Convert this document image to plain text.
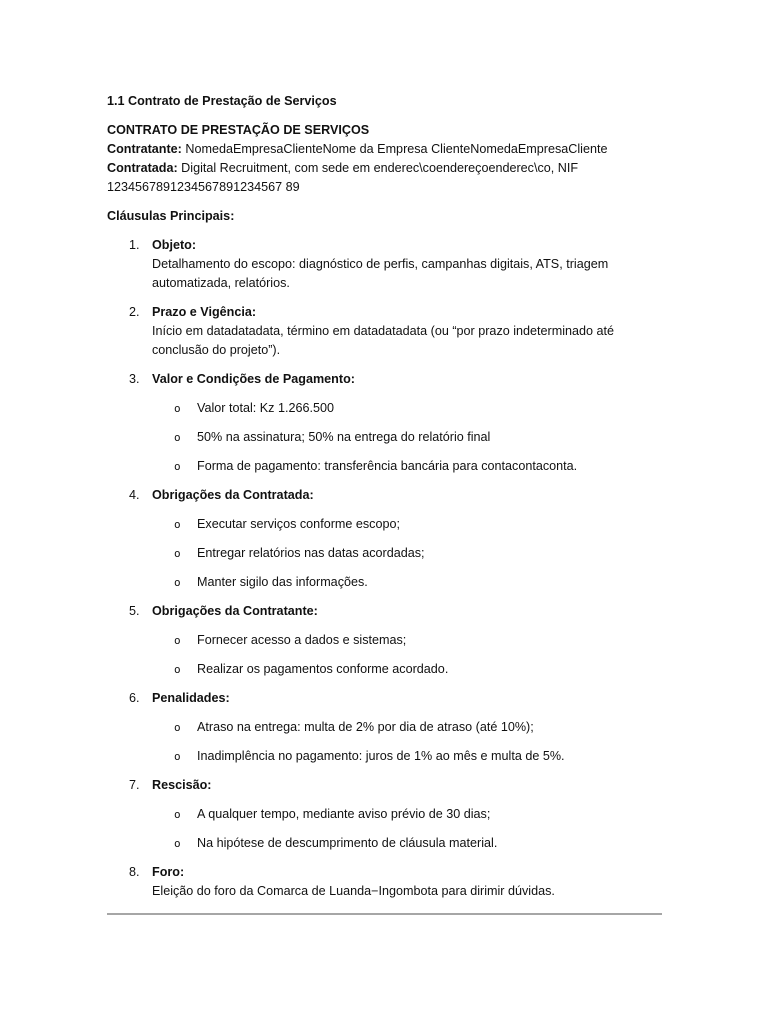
1.1 Contrato de Prestação de Serviços

CONTRATO DE PRESTAÇÃO DE SERVIÇOS

Contratante: NomedaEmpresaClienteNome da Empresa ClienteNomedaEmpresaCliente

Contratada: Digital Recruitment, com sede em enderec\coendereçoenderec\co, NIF 1234567891234567891234567 89

Cláusulas Principais:

1. Objeto:
Detalhamento do escopo: diagnóstico de perfis, campanhas digitais, ATS, triagem automatizada, relatórios.
2. Prazo e Vigência:
Início em datadatadata, término em datadatadata (ou “por prazo indeterminado até conclusão do projeto”).
3. Valor e Condições de Pagamento:
o Valor total: Kz 1.266.500
o 50% na assinatura; 50% na entrega do relatório final
o Forma de pagamento: transferência bancária para contacontaconta.
4. Obrigações da Contratada:
o Executar serviços conforme escopo;
o Entregar relatórios nas datas acordadas;
o Manter sigilo das informações.
5. Obrigações da Contratante:
o Fornecer acesso a dados e sistemas;
o Realizar os pagamentos conforme acordado.
6. Penalidades:
o Atraso na entrega: multa de 2% por dia de atraso (até 10%);
o Inadimplência no pagamento: juros de 1% ao mês e multa de 5%.
7. Rescisão:
o A qualquer tempo, mediante aviso prévio de 30 dias;
o Na hipótese de descumprimento de cláusula material.
8. Foro:
Eleição do foro da Comarca de Luanda−Ingombota para dirimir dúvidas.
